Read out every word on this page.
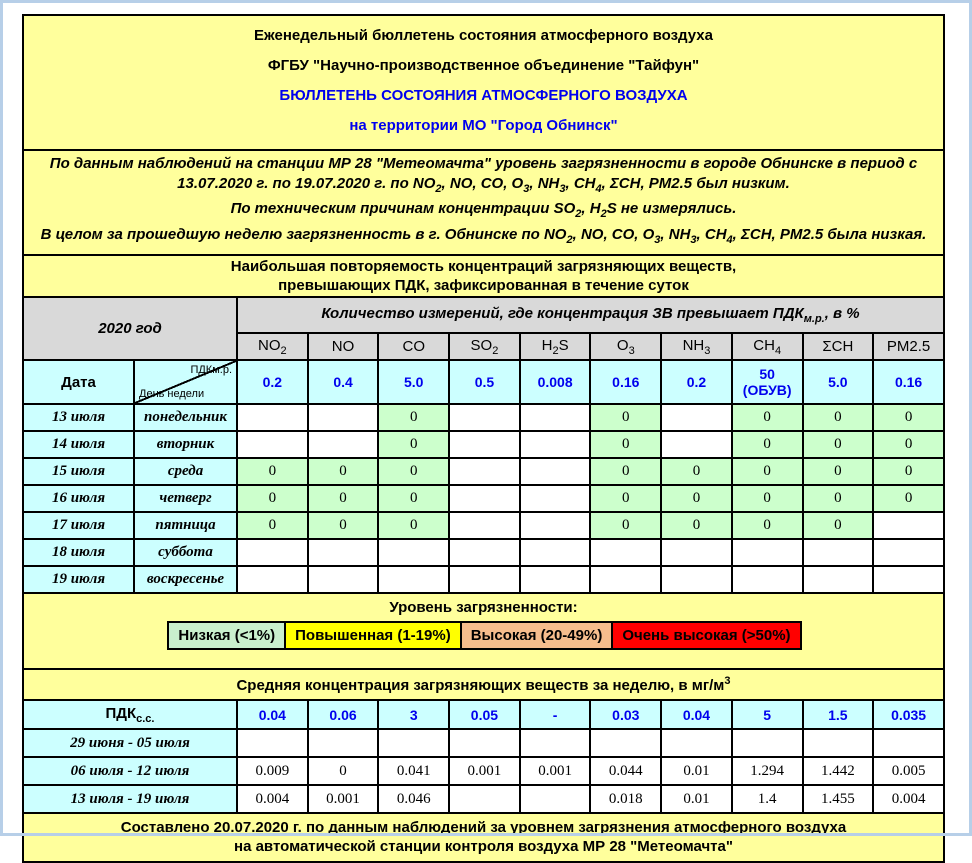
Еженедельный бюллетень состояния атмосферного воздуха
ФГБУ "Научно-производственное объединение "Тайфун"
БЮЛЛЕТЕНЬ СОСТОЯНИЯ АТМОСФЕРНОГО ВОЗДУХА
на территории МО "Город Обнинск"

По данным наблюдений на станции МР 28 "Метеомачта" уровень загрязненности в городе Обнинске в период с 13.07.2020 г. по 19.07.2020 г. по $NO_2$, NO, CO, $O_3$, $NH_3$, $CH_4$, ΣCH, PM2.5 был низким.

По техническим причинам концентрации $SO_2$, $H_2S$ не измерялись.

В целом за прошедшую неделю загрязненность в г. Обнинске по $NO_2$, NO, CO, $O_3$, $NH_3$, $CH_4$, ΣCH, PM2.5 была низкая.

Наибольшая повторяемость концентраций загрязняющих веществ,
превышающих ПДК, зафиксированная в течение суток
2020 год		Количество измерений, где концентрация ЗВ превышает $ПДК_{м.р.}$, в %									
		$NO_2$	NO	CO	$SO_2$	$H_2S$	$O_3$	$NH_3$	$CH_4$	ΣCH	PM2.5
Дата	ПДКм.р.
День недели	0.2	0.4	5.0	0.5	0.008	0.16	0.2	50 (ОБУВ)	5.0	0.16
13 июля	понедельник			0			0		0	0	0
14 июля	вторник			0			0		0	0	0
15 июля	среда	0	0	0			0	0	0	0	0
16 июля	четверг	0	0	0			0	0	0	0	0
17 июля	пятница	0	0	0			0	0	0	0	
18 июля	суббота										
19 июля	воскресенье										
Уровень загрязненности:
Низкая (<1%)	Повышенная (1-19%)	Высокая (20-49%)	Очень высокая (>50%)
Средняя концентрация загрязняющих веществ за неделю, в $мг/м^3$
$ПДК_{с.с.}$	0.04	0.06	3	0.05	-	0.03	0.04	5	1.5	0.035
29 июня - 05 июля										
06 июля - 12 июля	0.009	0	0.041	0.001	0.001	0.044	0.01	1.294	1.442	0.005
13 июля - 19 июля	0.004	0.001	0.046			0.018	0.01	1.4	1.455	0.004
Составлено 20.07.2020 г. по данным наблюдений за уровнем загрязнения атмосферного воздуха
на автоматической станции контроля воздуха МР 28 "Метеомачта"
